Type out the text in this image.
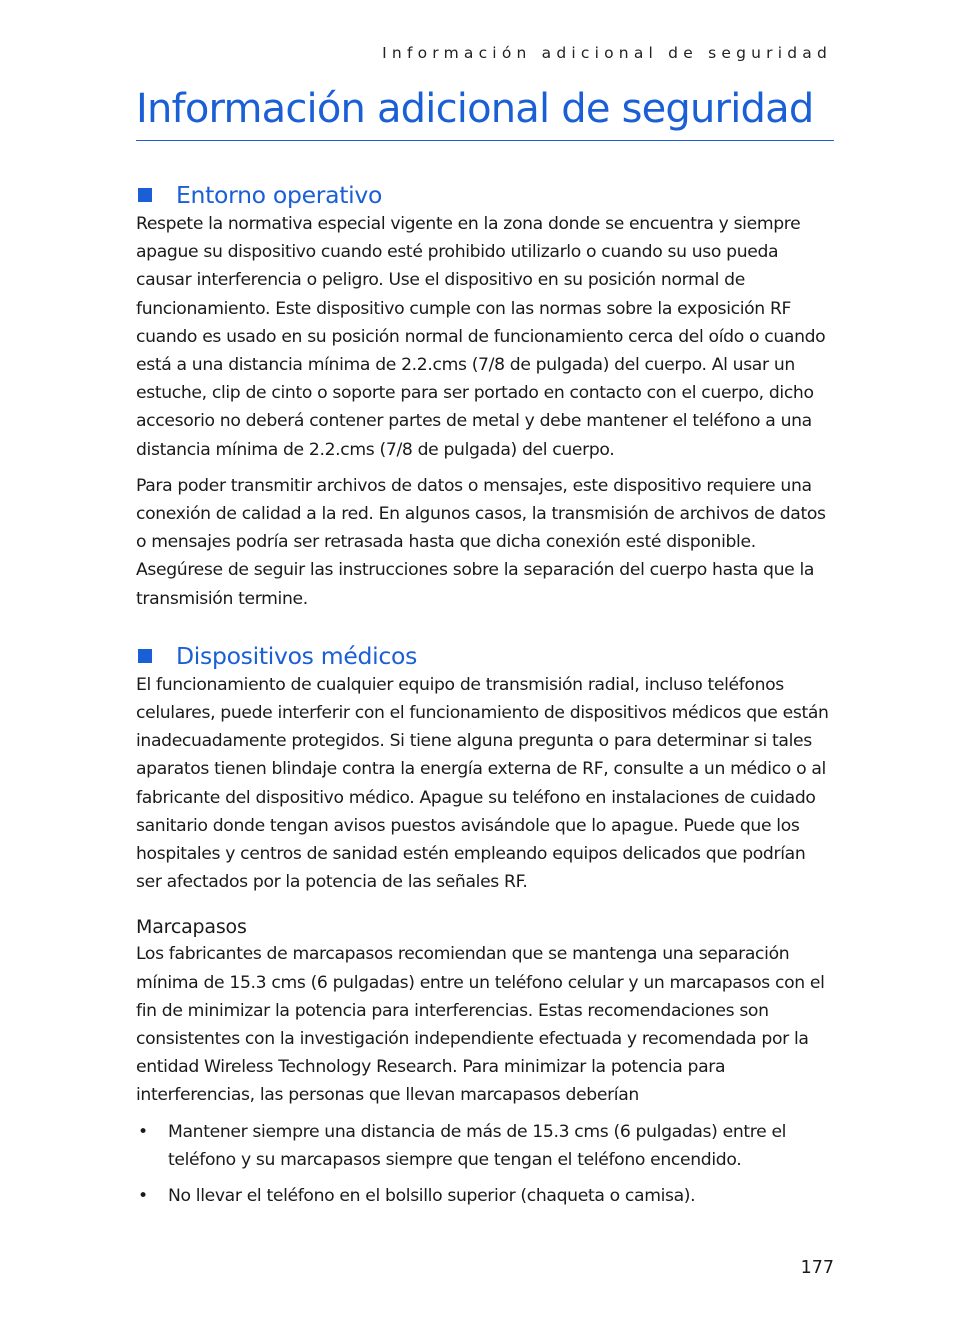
Información adicional de seguridad
Información adicional de seguridad
Entorno operativo

Respete la normativa especial vigente en la zona donde se encuentra y siempre apague su dispositivo cuando esté prohibido utilizarlo o cuando su uso pueda causar interferencia o peligro. Use el dispositivo en su posición normal de funcionamiento. Este dispositivo cumple con las normas sobre la exposición RF cuando es usado en su posición normal de funcionamiento cerca del oído o cuando está a una distancia mínima de 2.2.cms (7/8 de pulgada) del cuerpo. Al usar un estuche, clip de cinto o soporte para ser portado en contacto con el cuerpo, dicho accesorio no deberá contener partes de metal y debe mantener el teléfono a una distancia mínima de 2.2.cms (7/8 de pulgada) del cuerpo.

Para poder transmitir archivos de datos o mensajes, este dispositivo requiere una conexión de calidad a la red. En algunos casos, la transmisión de archivos de datos o mensajes podría ser retrasada hasta que dicha conexión esté disponible. Asegúrese de seguir las instrucciones sobre la separación del cuerpo hasta que la transmisión termine.

Dispositivos médicos

El funcionamiento de cualquier equipo de transmisión radial, incluso teléfonos celulares, puede interferir con el funcionamiento de dispositivos médicos que están inadecuadamente protegidos. Si tiene alguna pregunta o para determinar si tales aparatos tienen blindaje contra la energía externa de RF, consulte a un médico o al fabricante del dispositivo médico. Apague su teléfono en instalaciones de cuidado sanitario donde tengan avisos puestos avisándole que lo apague. Puede que los hospitales y centros de sanidad estén empleando equipos delicados que podrían ser afectados por la potencia de las señales RF.

Marcapasos

Los fabricantes de marcapasos recomiendan que se mantenga una separación mínima de 15.3 cms (6 pulgadas) entre un teléfono celular y un marcapasos con el fin de minimizar la potencia para interferencias. Estas recomendaciones son consistentes con la investigación independiente efectuada y recomendada por la entidad Wireless Technology Research. Para minimizar la potencia para interferencias, las personas que llevan marcapasos deberían

• Mantener siempre una distancia de más de 15.3 cms (6 pulgadas) entre el teléfono y su marcapasos siempre que tengan el teléfono encendido.
• No llevar el teléfono en el bolsillo superior (chaqueta o camisa).
177
